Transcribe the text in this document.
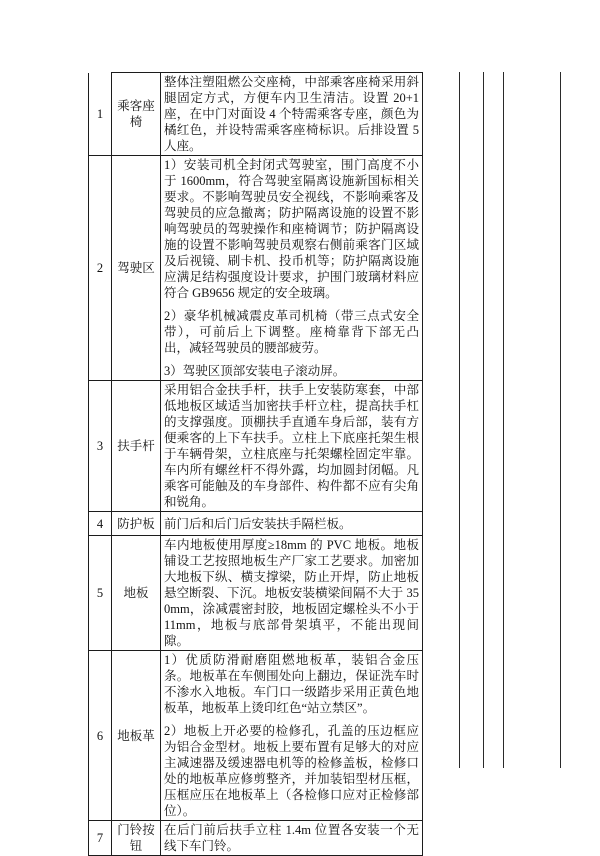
1	乘客座椅	整体注塑阻燃公交座椅，中部乘客座椅采用斜腿固定方式，方便车内卫生清洁。设置 20+1 座，在中门对面设 4 个特需乘客专座，颜色为橘红色，并设特需乘客座椅标识。后排设置 5 人座。

2	驾驶区	1）安装司机全封闭式驾驶室，围门高度不小于 1600mm，符合驾驶室隔离设施新国标相关要求。不影响驾驶员安全视线，不影响乘客及驾驶员的应急撤离；防护隔离设施的设置不影响驾驶员的驾驶操作和座椅调节；防护隔离设施的设置不影响驾驶员观察右侧前乘客门区域及后视镜、刷卡机、投币机等；防护隔离设施应满足结构强度设计要求，护围门玻璃材料应符合 GB9656 规定的安全玻璃。

2）豪华机械减震皮革司机椅（带三点式安全带），可前后上下调整。座椅靠背下部无凸出，减轻驾驶员的腰部疲劳。

3）驾驶区顶部安装电子滚动屏。

3	扶手杆	采用铝合金扶手杆，扶手上安装防寒套，中部低地板区域适当加密扶手杆立柱，提高扶手杠的支撑强度。顶棚扶手直通车身后部，装有方便乘客的上下车扶手。立柱上下底座托架生根于车辆骨架，立柱底座与托架螺栓固定牢靠。车内所有螺丝杆不得外露，均加圆封闭幅。凡乘客可能触及的车身部件、构件都不应有尖角和锐角。

4	防护板	前门后和后门后安装扶手隔栏板。

5	地板	车内地板使用厚度≥18mm 的 PVC 地板。地板铺设工艺按照地板生产厂家工艺要求。加密加大地板下纵、横支撑梁，防止开焊，防止地板悬空断裂、下沉。地板安装横梁间隔不大于 350mm，涂减震密封胶，地板固定螺栓头不小于 11mm，地板与底部骨架填平，不能出现间隙。

6	地板革	1）优质防滑耐磨阻燃地板革，装铝合金压条。地板革在车侧围处向上翻边，保证洗车时不渗水入地板。车门口一级踏步采用正黄色地板革，地板革上烫印红色“站立禁区”。

2）地板上开必要的检修孔，孔盖的压边框应为铝合金型材。地板上要布置有足够大的对应主减速器及缓速器电机等的检修盖板，检修口处的地板革应修剪整齐，并加装铝型材压框，压框应压在地板革上（各检修口应对正检修部位）。

7	门铃按钮	在后门前后扶手立柱 1.4m 位置各安装一个无线下车门铃。
